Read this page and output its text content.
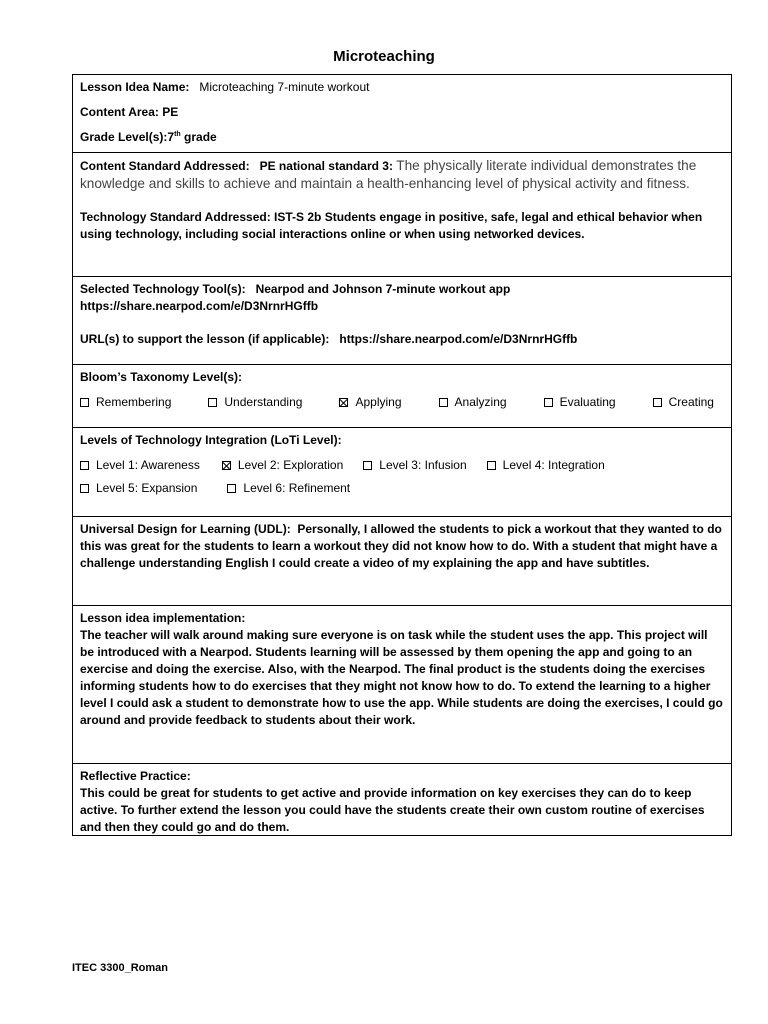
Microteaching

Lesson Idea Name: Microteaching 7-minute workout

Content Area: PE

Grade Level(s):7th grade

Content Standard Addressed: PE national standard 3: The physically literate individual demonstrates the knowledge and skills to achieve and maintain a health-enhancing level of physical activity and fitness.

Technology Standard Addressed: IST-S 2b Students engage in positive, safe, legal and ethical behavior when using technology, including social interactions online or when using networked devices.

Selected Technology Tool(s): Nearpod and Johnson 7-minute workout app

https://share.nearpod.com/e/D3NrnrHGffb

URL(s) to support the lesson (if applicable): https://share.nearpod.com/e/D3NrnrHGffb

Bloom’s Taxonomy Level(s):

Remembering	Understanding	Applying	Analyzing	Evaluating	Creating

Levels of Technology Integration (LoTi Level):

Level 1: Awareness	Level 2: Exploration	Level 3: Infusion	Level 4: Integration
Level 5: Expansion	Level 6: Refinement

Universal Design for Learning (UDL): Personally, I allowed the students to pick a workout that they wanted to do this was great for the students to learn a workout they did not know how to do. With a student that might have a challenge understanding English I could create a video of my explaining the app and have subtitles.

Lesson idea implementation:

The teacher will walk around making sure everyone is on task while the student uses the app. This project will be introduced with a Nearpod. Students learning will be assessed by them opening the app and going to an exercise and doing the exercise. Also, with the Nearpod. The final product is the students doing the exercises informing students how to do exercises that they might not know how to do. To extend the learning to a higher level I could ask a student to demonstrate how to use the app. While students are doing the exercises, I could go around and provide feedback to students about their work.

Reflective Practice:

This could be great for students to get active and provide information on key exercises they can do to keep active. To further extend the lesson you could have the students create their own custom routine of exercises and then they could go and do them.

ITEC 3300_Roman
